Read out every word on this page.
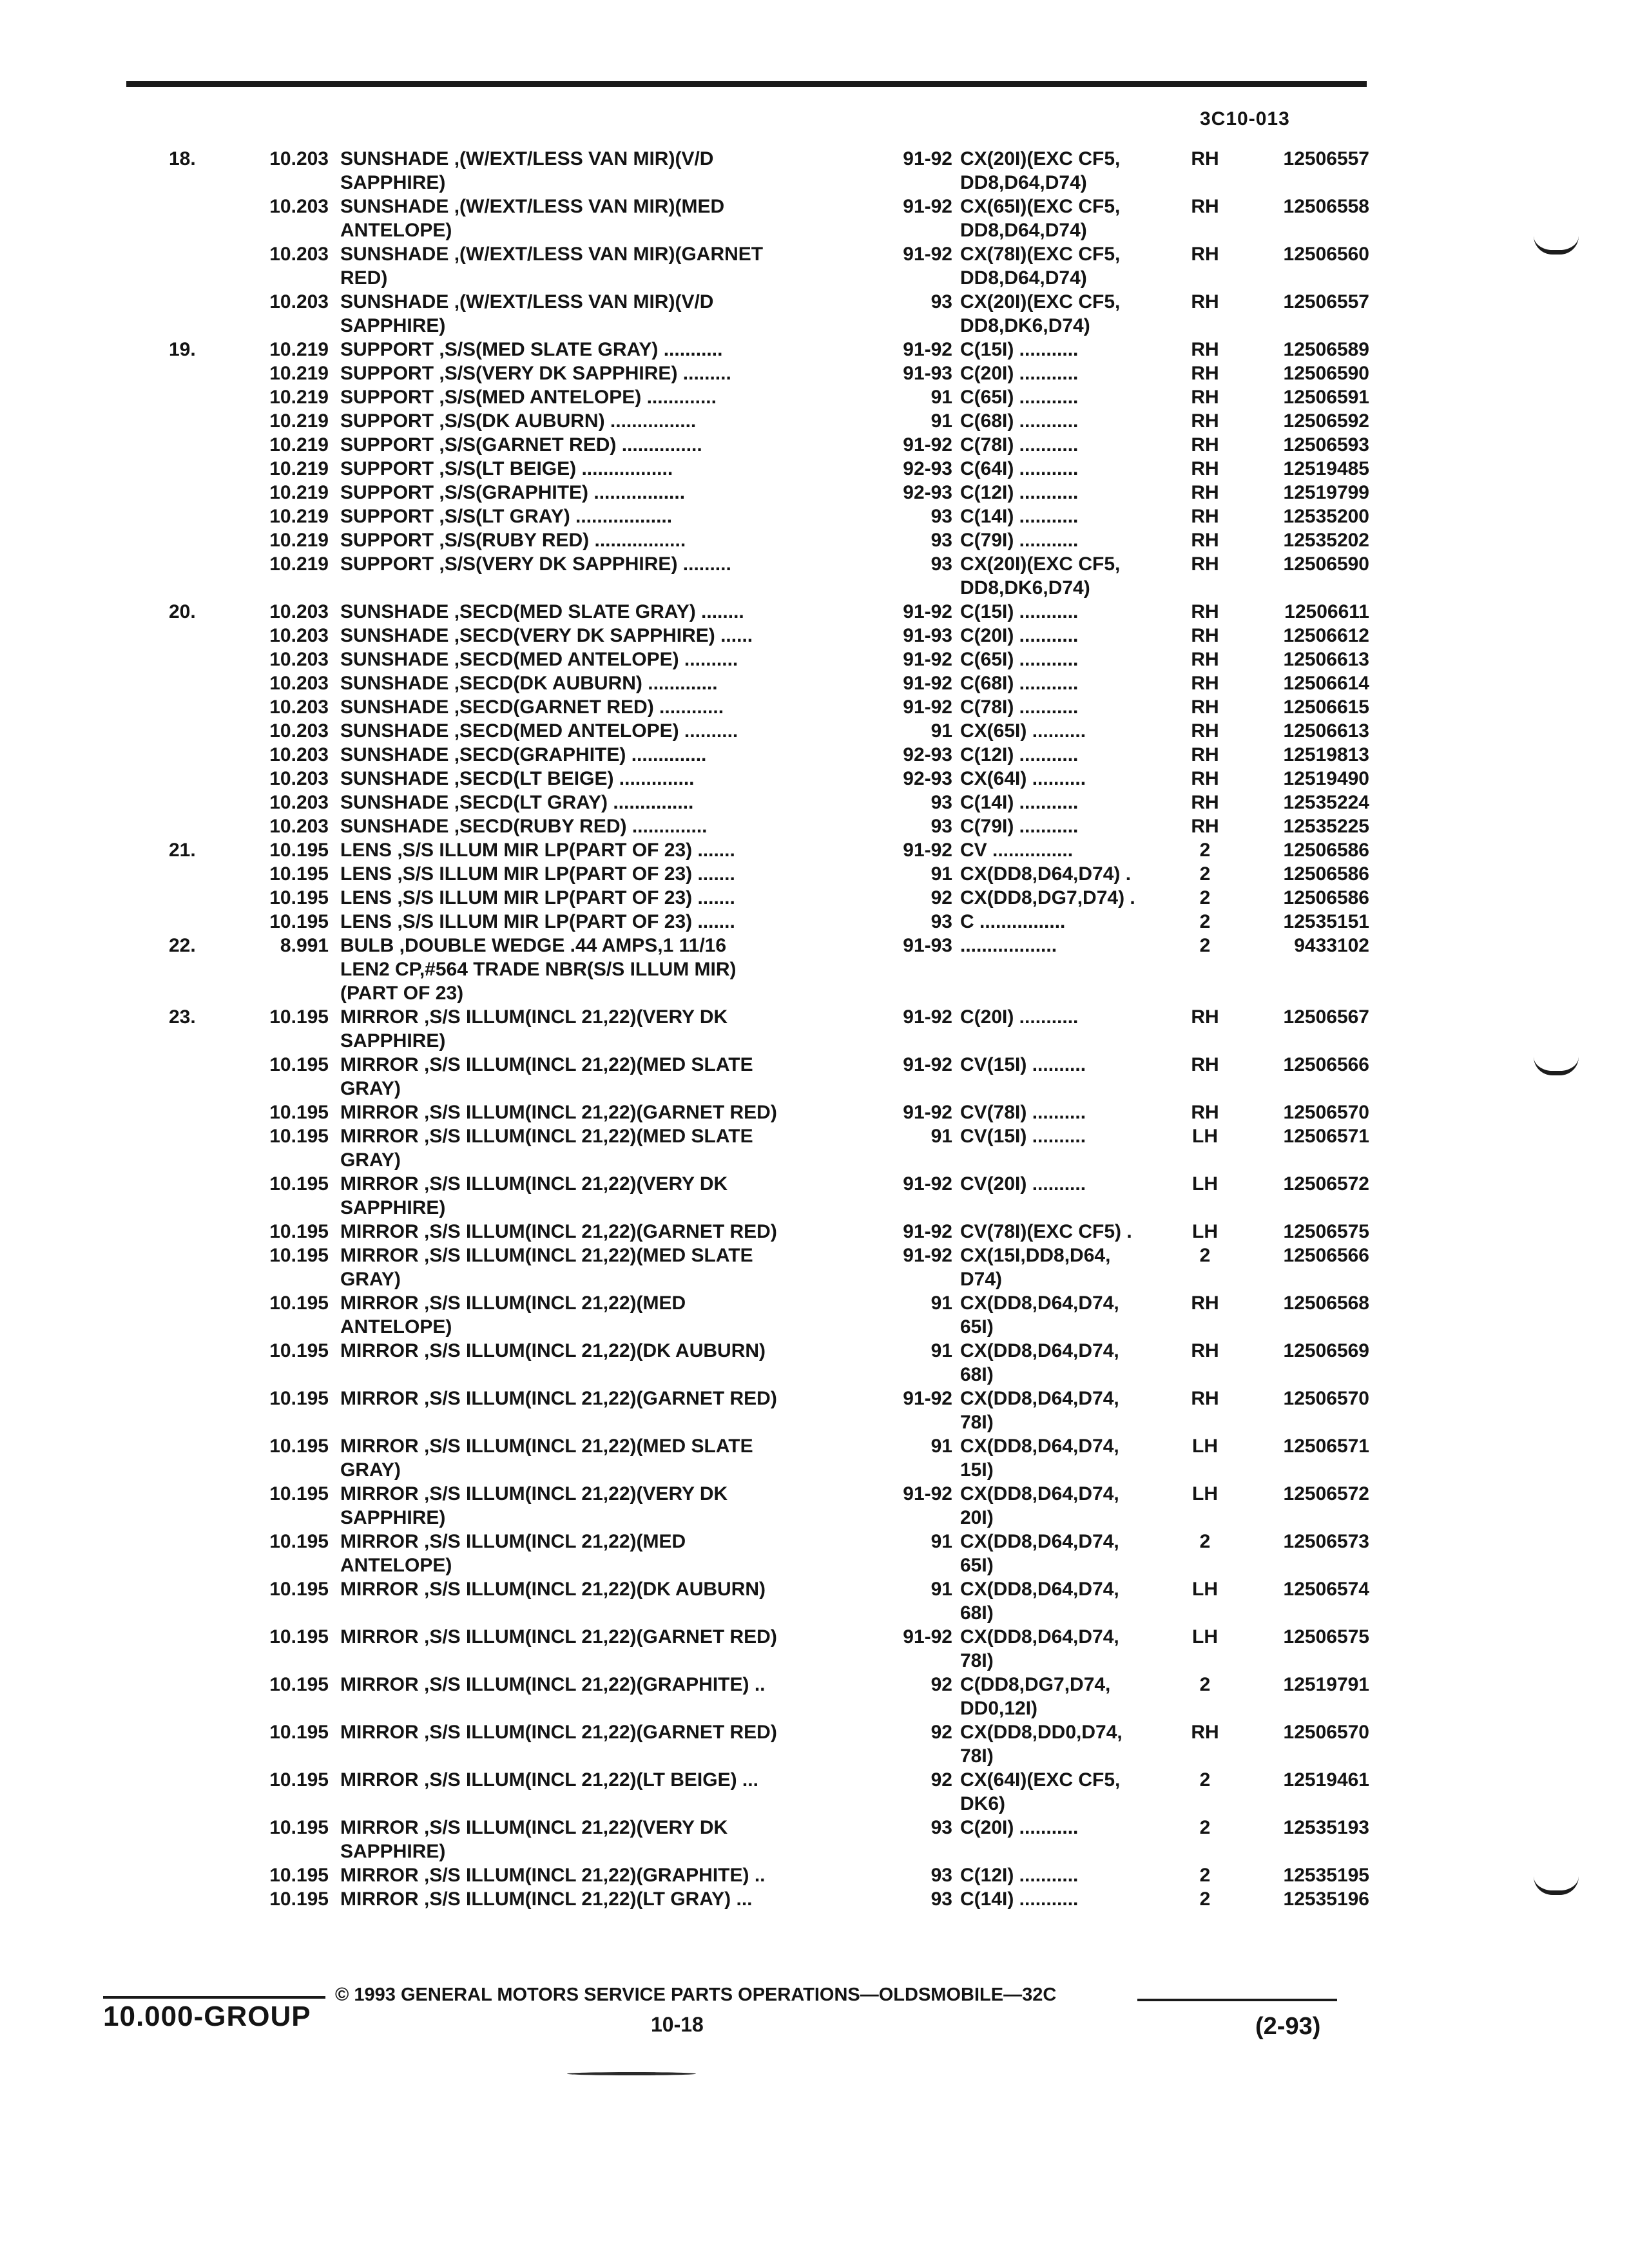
3C10-013
18.	10.203 SUNSHADE ,(W/EXT/LESS VAN MIR)(V/D	91-92 CX(20I)(EXC CF5,	RH	12506557
SAPPHIRE)	DD8,D64,D74)
10.203 SUNSHADE ,(W/EXT/LESS VAN MIR)(MED	91-92 CX(65I)(EXC CF5,	RH	12506558
ANTELOPE)	DD8,D64,D74)
10.203 SUNSHADE ,(W/EXT/LESS VAN MIR)(GARNET	91-92 CX(78I)(EXC CF5,	RH	12506560
RED)	DD8,D64,D74)
10.203 SUNSHADE ,(W/EXT/LESS VAN MIR)(V/D	93 CX(20I)(EXC CF5,	RH	12506557
SAPPHIRE)	DD8,DK6,D74)
19.	10.219 SUPPORT ,S/S(MED SLATE GRAY) ...........	91-92 C(15I) ...........	RH	12506589
10.219 SUPPORT ,S/S(VERY DK SAPPHIRE) .........	91-93 C(20I) ...........	RH	12506590
10.219 SUPPORT ,S/S(MED ANTELOPE) .............	91 C(65I) ...........	RH	12506591
10.219 SUPPORT ,S/S(DK AUBURN) ................	91 C(68I) ...........	RH	12506592
10.219 SUPPORT ,S/S(GARNET RED) ...............	91-92 C(78I) ...........	RH	12506593
10.219 SUPPORT ,S/S(LT BEIGE) .................	92-93 C(64I) ...........	RH	12519485
10.219 SUPPORT ,S/S(GRAPHITE) .................	92-93 C(12I) ...........	RH	12519799
10.219 SUPPORT ,S/S(LT GRAY) ..................	93 C(14I) ...........	RH	12535200
10.219 SUPPORT ,S/S(RUBY RED) .................	93 C(79I) ...........	RH	12535202
10.219 SUPPORT ,S/S(VERY DK SAPPHIRE) .........	93 CX(20I)(EXC CF5,	RH	12506590
DD8,DK6,D74)
20.	10.203 SUNSHADE ,SECD(MED SLATE GRAY) ........	91-92 C(15I) ...........	RH	12506611
10.203 SUNSHADE ,SECD(VERY DK SAPPHIRE) ......	91-93 C(20I) ...........	RH	12506612
10.203 SUNSHADE ,SECD(MED ANTELOPE) ..........	91-92 C(65I) ...........	RH	12506613
10.203 SUNSHADE ,SECD(DK AUBURN) .............	91-92 C(68I) ...........	RH	12506614
10.203 SUNSHADE ,SECD(GARNET RED) ............	91-92 C(78I) ...........	RH	12506615
10.203 SUNSHADE ,SECD(MED ANTELOPE) ..........	91 CX(65I) ..........	RH	12506613
10.203 SUNSHADE ,SECD(GRAPHITE) ..............	92-93 C(12I) ...........	RH	12519813
10.203 SUNSHADE ,SECD(LT BEIGE) ..............	92-93 CX(64I) ..........	RH	12519490
10.203 SUNSHADE ,SECD(LT GRAY) ...............	93 C(14I) ...........	RH	12535224
10.203 SUNSHADE ,SECD(RUBY RED) ..............	93 C(79I) ...........	RH	12535225
21.	10.195 LENS ,S/S ILLUM MIR LP(PART OF 23) .......	91-92 CV ...............	2	12506586
10.195 LENS ,S/S ILLUM MIR LP(PART OF 23) .......	91 CX(DD8,D64,D74) .	2	12506586
10.195 LENS ,S/S ILLUM MIR LP(PART OF 23) .......	92 CX(DD8,DG7,D74) .	2	12506586
10.195 LENS ,S/S ILLUM MIR LP(PART OF 23) .......	93 C ................	2	12535151
22.	8.991 BULB ,DOUBLE WEDGE .44 AMPS,1 11/16	91-93 ..................	2	9433102
LEN2 CP,#564 TRADE NBR(S/S ILLUM MIR)
(PART OF 23)
23.	10.195 MIRROR ,S/S ILLUM(INCL 21,22)(VERY DK	91-92 C(20I) ...........	RH	12506567
SAPPHIRE)
10.195 MIRROR ,S/S ILLUM(INCL 21,22)(MED SLATE	91-92 CV(15I) ..........	RH	12506566
GRAY)
10.195 MIRROR ,S/S ILLUM(INCL 21,22)(GARNET RED)	91-92 CV(78I) ..........	RH	12506570
10.195 MIRROR ,S/S ILLUM(INCL 21,22)(MED SLATE	91 CV(15I) ..........	LH	12506571
GRAY)
10.195 MIRROR ,S/S ILLUM(INCL 21,22)(VERY DK	91-92 CV(20I) ..........	LH	12506572
SAPPHIRE)
10.195 MIRROR ,S/S ILLUM(INCL 21,22)(GARNET RED)	91-92 CV(78I)(EXC CF5) .	LH	12506575
10.195 MIRROR ,S/S ILLUM(INCL 21,22)(MED SLATE	91-92 CX(15I,DD8,D64,	2	12506566
GRAY)	D74)
10.195 MIRROR ,S/S ILLUM(INCL 21,22)(MED	91 CX(DD8,D64,D74,	RH	12506568
ANTELOPE)	65I)
10.195 MIRROR ,S/S ILLUM(INCL 21,22)(DK AUBURN)	91 CX(DD8,D64,D74,	RH	12506569
68I)
10.195 MIRROR ,S/S ILLUM(INCL 21,22)(GARNET RED)	91-92 CX(DD8,D64,D74,	RH	12506570
78I)
10.195 MIRROR ,S/S ILLUM(INCL 21,22)(MED SLATE	91 CX(DD8,D64,D74,	LH	12506571
GRAY)	15I)
10.195 MIRROR ,S/S ILLUM(INCL 21,22)(VERY DK	91-92 CX(DD8,D64,D74,	LH	12506572
SAPPHIRE)	20I)
10.195 MIRROR ,S/S ILLUM(INCL 21,22)(MED	91 CX(DD8,D64,D74,	2	12506573
ANTELOPE)	65I)
10.195 MIRROR ,S/S ILLUM(INCL 21,22)(DK AUBURN)	91 CX(DD8,D64,D74,	LH	12506574
68I)
10.195 MIRROR ,S/S ILLUM(INCL 21,22)(GARNET RED)	91-92 CX(DD8,D64,D74,	LH	12506575
78I)
10.195 MIRROR ,S/S ILLUM(INCL 21,22)(GRAPHITE) ..	92 C(DD8,DG7,D74,	2	12519791
DD0,12I)
10.195 MIRROR ,S/S ILLUM(INCL 21,22)(GARNET RED)	92 CX(DD8,DD0,D74,	RH	12506570
78I)
10.195 MIRROR ,S/S ILLUM(INCL 21,22)(LT BEIGE) ...	92 CX(64I)(EXC CF5,	2	12519461
DK6)
10.195 MIRROR ,S/S ILLUM(INCL 21,22)(VERY DK	93 C(20I) ...........	2	12535193
SAPPHIRE)
10.195 MIRROR ,S/S ILLUM(INCL 21,22)(GRAPHITE) ..	93 C(12I) ...........	2	12535195
10.195 MIRROR ,S/S ILLUM(INCL 21,22)(LT GRAY) ...	93 C(14I) ...........	2	12535196
10.000-GROUP
© 1993 GENERAL MOTORS SERVICE PARTS OPERATIONS—OLDSMOBILE—32C
10-18	(2-93)
